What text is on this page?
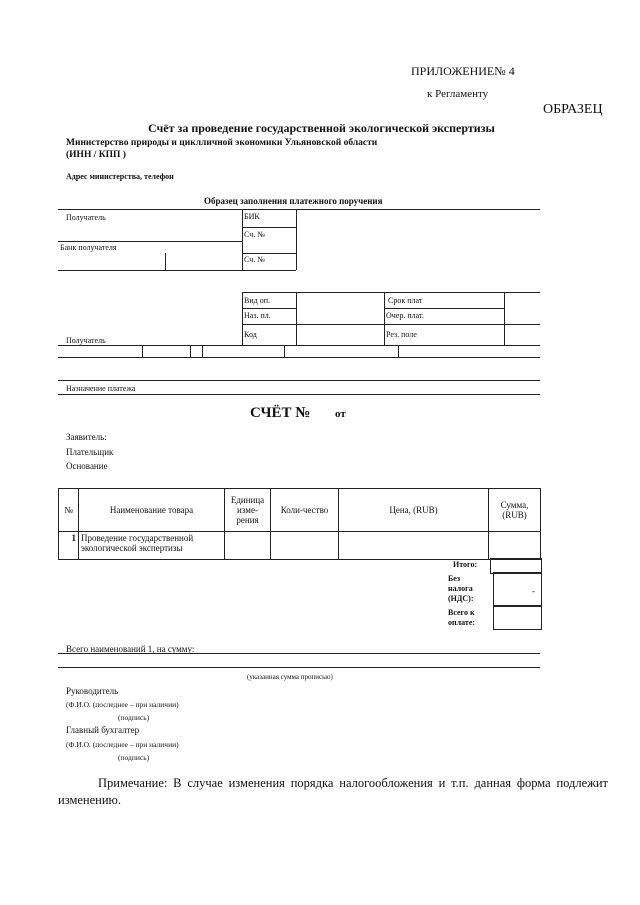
ПРИЛОЖЕНИЕ№ 4
к Регламенту
ОБРАЗЕЦ
Счёт за проведение государственной экологической экспертизы
Министерство природы и циклличной экономики Ульяновской области
(ИНН / КПП )
Адрес министерства, телефон
Образец заполнения платежного поручения
Получатель	БИК
Сч. №
Банк получателя
Сч. №
Вид оп.	Срок плат
Наз. пл.	Очер. плат.
Код	Рез. поле
Получатель
Назначение платежа
СЧЁТ № от
Заявитель:
Плательщик
Основание
№	Наименование товара	Единица изме-рения	Коли-чество	Цена, (RUB)	Сумма, (RUB)
1	Проведение государственной экологической экспертизы				
Итого:
Без налога (НДС):
-
Всего к оплате:
Всего наименований 1, на сумму:
(указанная сумма прописью)
Руководитель
(Ф.И.О. (последнее – при наличии)
(подпись)
Главный бухгалтер
(Ф.И.О. (последнее – при наличии)
(подпись)
Примечание: В случае изменения порядка налогообложения и т.п. данная форма подлежит изменению.
